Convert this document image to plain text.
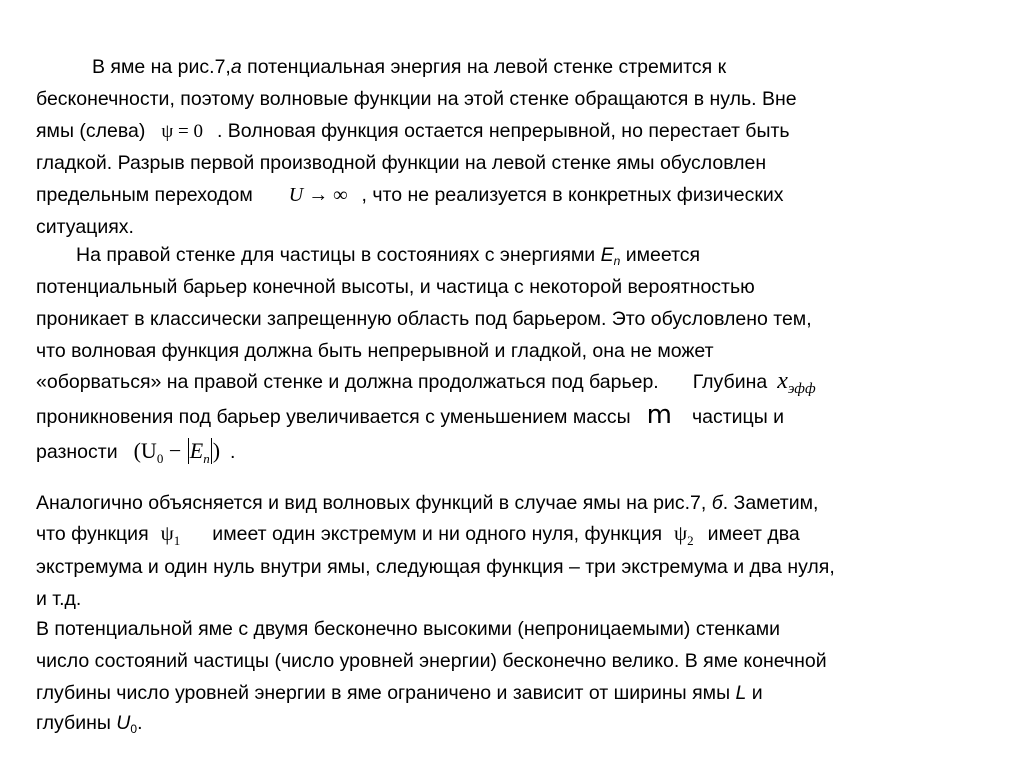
В яме на рис.7,а потенциальная энергия на левой стенке стремится к
бесконечности, поэтому волновые функции на этой стенке обращаются в нуль. Вне
ямы (слева) ψ = 0 . Волновая функция остается непрерывной, но перестает быть
гладкой. Разрыв первой производной функции на левой стенке ямы обусловлен
предельным переходом U → ∞ , что не реализуется в конкретных физических
ситуациях.
На правой стенке для частицы в состояниях с энергиями $E_n$ имеется
потенциальный барьер конечной высоты, и частица с некоторой вероятностью
проникает в классически запрещенную область под барьером. Это обусловлено тем,
что волновая функция должна быть непрерывной и гладкой, она не может
«оборваться» на правой стенке и должна продолжаться под барьер. Глубина $x_{эфф}$
проникновения под барьер увеличивается с уменьшением массы m частицы и
разности ($U_0 - E_n$ ) .
Аналогично объясняется и вид волновых функций в случае ямы на рис.7, б. Заметим,
что функция $\psi_1$ имеет один экстремум и ни одного нуля, функция $\psi_2$ имеет два
экстремума и один нуль внутри ямы, следующая функция – три экстремума и два нуля,
и т.д.
В потенциальной яме с двумя бесконечно высокими (непроницаемыми) стенками
число состояний частицы (число уровней энергии) бесконечно велико. В яме конечной
глубины число уровней энергии в яме ограничено и зависит от ширины ямы L и
глубины $U_0$.
